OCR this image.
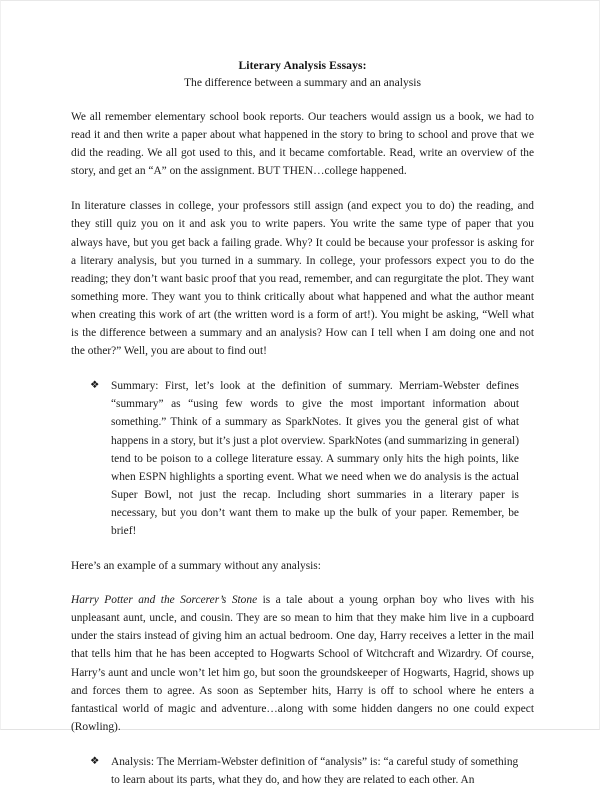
Literary Analysis Essays:
The difference between a summary and an analysis

We all remember elementary school book reports. Our teachers would assign us a book, we had to read it and then write a paper about what happened in the story to bring to school and prove that we did the reading. We all got used to this, and it became comfortable. Read, write an overview of the story, and get an “A” on the assignment. BUT THEN…college happened.

In literature classes in college, your professors still assign (and expect you to do) the reading, and they still quiz you on it and ask you to write papers. You write the same type of paper that you always have, but you get back a failing grade. Why? It could be because your professor is asking for a literary analysis, but you turned in a summary. In college, your professors expect you to do the reading; they don’t want basic proof that you read, remember, and can regurgitate the plot. They want something more. They want you to think critically about what happened and what the author meant when creating this work of art (the written word is a form of art!). You might be asking, “Well what is the difference between a summary and an analysis? How can I tell when I am doing one and not the other?” Well, you are about to find out!

❖ Summary: First, let’s look at the definition of summary. Merriam-Webster defines “summary” as “using few words to give the most important information about something.” Think of a summary as SparkNotes. It gives you the general gist of what happens in a story, but it’s just a plot overview. SparkNotes (and summarizing in general) tend to be poison to a college literature essay. A summary only hits the high points, like when ESPN highlights a sporting event. What we need when we do analysis is the actual Super Bowl, not just the recap. Including short summaries in a literary paper is necessary, but you don’t want them to make up the bulk of your paper. Remember, be brief!

Here’s an example of a summary without any analysis:

Harry Potter and the Sorcerer’s Stone is a tale about a young orphan boy who lives with his unpleasant aunt, uncle, and cousin. They are so mean to him that they make him live in a cupboard under the stairs instead of giving him an actual bedroom. One day, Harry receives a letter in the mail that tells him that he has been accepted to Hogwarts School of Witchcraft and Wizardry. Of course, Harry’s aunt and uncle won’t let him go, but soon the groundskeeper of Hogwarts, Hagrid, shows up and forces them to agree. As soon as September hits, Harry is off to school where he enters a fantastical world of magic and adventure…along with some hidden dangers no one could expect (Rowling).

❖ Analysis: The Merriam-Webster definition of “analysis” is: “a careful study of something to learn about its parts, what they do, and how they are related to each other. An
